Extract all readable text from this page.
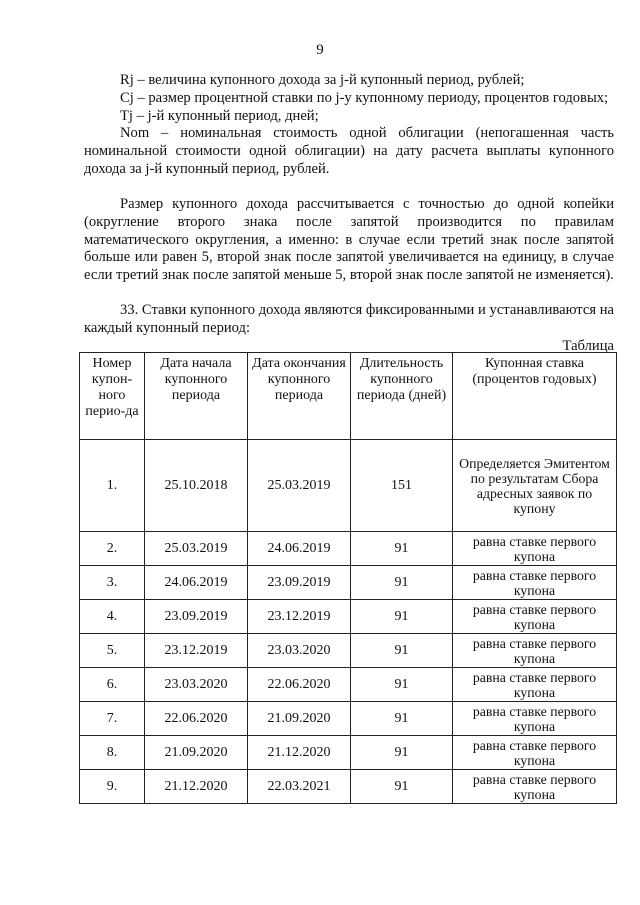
9

Rj – величина купонного дохода за j-й купонный период, рублей;

Cj – размер процентной ставки по j-у купонному периоду, процентов годовых;

Tj – j-й купонный период, дней;

Nom – номинальная стоимость одной облигации (непогашенная часть номинальной стоимости одной облигации) на дату расчета выплаты купонного дохода за j-й купонный период, рублей.

Размер купонного дохода рассчитывается с точностью до одной копейки (округление второго знака после запятой производится по правилам математического округления, а именно: в случае если третий знак после запятой больше или равен 5, второй знак после запятой увеличивается на единицу, в случае если третий знак после запятой меньше 5, второй знак после запятой не изменяется).

33. Ставки купонного дохода являются фиксированными и устанавливаются на каждый купонный период:

Таблица
Номер купон-ного перио-да	Дата начала купонного периода	Дата окончания купонного периода	Длительность купонного периода (дней)	Купонная ставка (процентов годовых)
1.	25.10.2018	25.03.2019	151	Определяется Эмитентом по результатам Сбора адресных заявок по купону
2.	25.03.2019	24.06.2019	91	равна ставке первого купона
3.	24.06.2019	23.09.2019	91	равна ставке первого купона
4.	23.09.2019	23.12.2019	91	равна ставке первого купона
5.	23.12.2019	23.03.2020	91	равна ставке первого купона
6.	23.03.2020	22.06.2020	91	равна ставке первого купона
7.	22.06.2020	21.09.2020	91	равна ставке первого купона
8.	21.09.2020	21.12.2020	91	равна ставке первого купона
9.	21.12.2020	22.03.2021	91	равна ставке первого купона
